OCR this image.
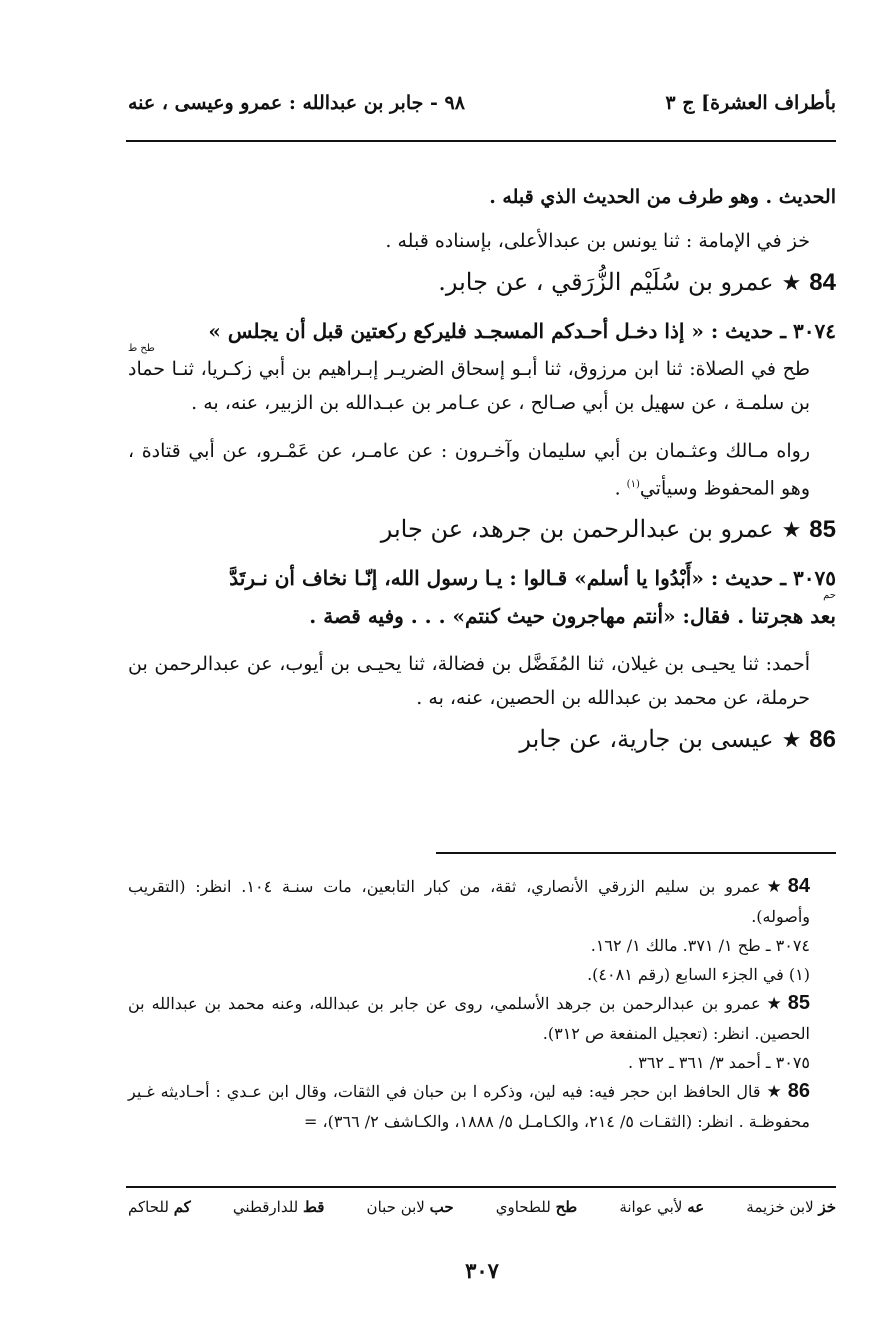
بأطراف العشرة] ج ٣
٩٨ - جابر بن عبدالله : عمرو وعيسى ، عنه

الحديث . وهو طرف من الحديث الذي قبله .

خز في الإمامة : ثنا يونس بن عبدالأعلى، بإسناده قبله .

84★عمرو بن سُلَيْم الزُّرَقي ، عن جابر.

٣٠٧٤ ـ حديث : « إذا دخـل أحـدكم المسجـد فليركع ركعتين قبل أن يجلس »

طح ط

طح في الصلاة: ثنا ابن مرزوق، ثنا أبـو إسحاق الضريـر إبـراهيم بن أبي زكـريا، ثنـا حماد بن سلمـة ، عن سهيل بن أبي صـالح ، عن عـامر بن عبـدالله بن الزبير، عنه، به .

رواه مـالك وعثـمان بن أبي سليمان وآخـرون : عن عامـر، عن عَمْـرو، عن أبي قتادة ، وهو المحفوظ وسيأتي$^{(١)}$ .

85★عمرو بن عبدالرحمن بن جرهد، عن جابر

٣٠٧٥ ـ حديث : «أَبْدُوا يا أسلم» قـالوا : يـا رسول الله، إنّـا نخاف أن نـرتَدَّ

حم

بعد هجرتنا . فقال: «أنتم مهاجرون حيث كنتم» . . . وفيه قصة .

أحمد: ثنا يحيـى بن غيلان، ثنا المُفَضَّل بن فضالة، ثنا يحيـى بن أيوب، عن عبدالرحمن بن حرملة، عن محمد بن عبدالله بن الحصين، عنه، به .

86★عيسى بن جارية، عن جابر

84★عمرو بن سليم الزرقي الأنصاري، ثقة، من كبار التابعين، مات سنـة ١٠٤. انظر: (التقريب وأصوله).

٣٠٧٤ ـ طح ١/ ٣٧١. مالك ١/ ١٦٢.

(١) في الجزء السابع (رقم ٤٠٨١).

85★عمرو بن عبدالرحمن بن جرهد الأسلمي، روى عن جابر بن عبدالله، وعنه محمد بن عبدالله بن الحصين. انظر: (تعجيل المنفعة ص ٣١٢).

٣٠٧٥ ـ أحمد ٣/ ٣٦١ ـ ٣٦٢ .

86★قال الحافظ ابن حجر فيه: فيه لين، وذكره ا بن حبان في الثقات، وقال ابن عـدي : أحـاديثه غـير محفوظـة . انظر: (الثقـات ٥/ ٢١٤، والكـامـل ٥/ ١٨٨٨، والكـاشف ٢/ ٣٦٦)، =

خز لابن خزيمة
عه لأبي عوانة
طح للطحاوي
حب لابن حبان
قط للدارقطني
كم للحاكم
٣٠٧
